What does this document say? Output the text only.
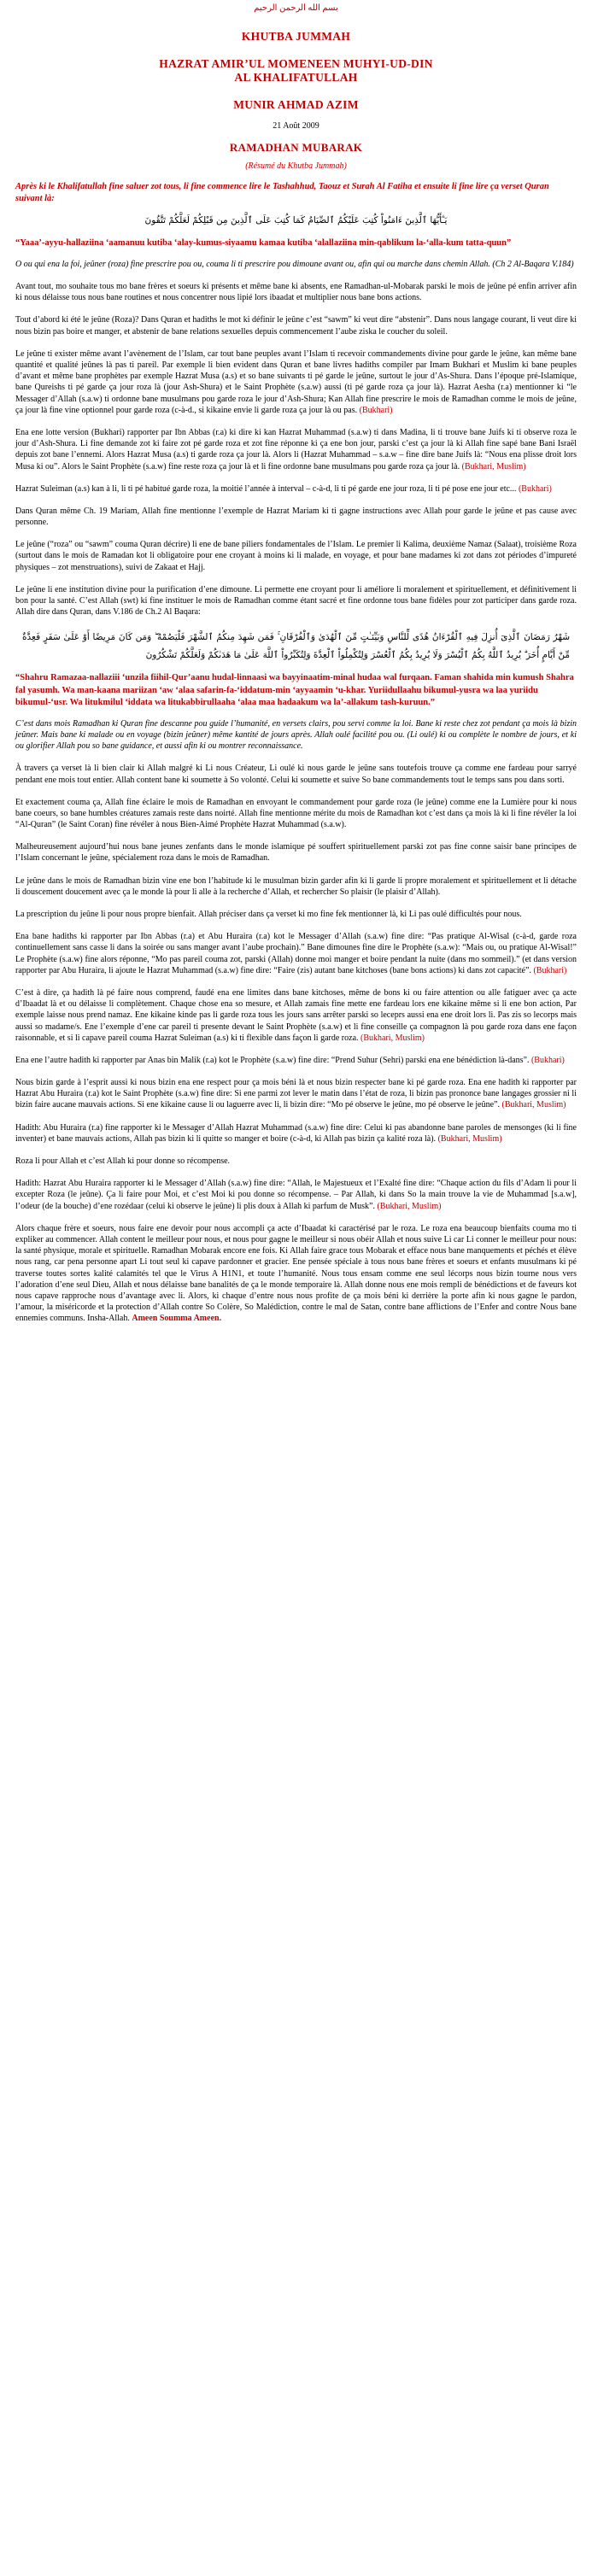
بسم الله الرحمن الرحيم

KHUTBA JUMMAH

HAZRAT AMIR’UL MOMENEEN MUHYI-UD-DIN

AL KHALIFATULLAH

MUNIR AHMAD AZIM

21 Août 2009

RAMADHAN MUBARAK

(Résumé du Khutba Jummah)

Après ki le Khalifatullah fine saluer zot tous, li fine commence lire le Tashahhud, Taouz et Surah Al Fatiha et ensuite li fine lire ça verset Quran suivant là:

يَـٰٓأَيُّهَا ٱلَّذِينَ ءَامَنُواْ كُتِبَ عَلَيْكُمُ ٱلصِّيَامُ كَمَا كُتِبَ عَلَى ٱلَّذِينَ مِن قَبْلِكُمْ لَعَلَّكُمْ تَتَّقُونَ

“Yaaa’-ayyu-hallaziina ‘aamanuu kutiba ‘alay-kumus-siyaamu kamaa kutiba ‘alallaziina min-qablikum la-‘alla-kum tatta-quun”

O ou qui ena la foi, jeûner (roza) fine prescrire pou ou, couma li ti prescrire pou dimoune avant ou, afin qui ou marche dans chemin Allah. (Ch 2 Al-Baqara V.184)

Avant tout, mo souhaite tous mo bane frères et soeurs ki présents et même bane ki absents, ene Ramadhan-ul-Mobarak parski le mois de jeûne pé enfin arriver afin ki nous délaisse tous nous bane routines et nous concentrer nous lipié lors ibaadat et multiplier nous bane bons actions.

Tout d’abord ki été le jeûne (Roza)? Dans Quran et hadiths le mot ki définir le jeûne c’est “sawm” ki veut dire “abstenir”. Dans nous langage courant, li veut dire ki nous bizin pas boire et manger, et abstenir de bane relations sexuelles depuis commencement l’aube ziska le coucher du soleil.

Le jeûne ti exister même avant l’avènement de l’Islam, car tout bane peuples avant l’Islam ti recevoir commandements divine pour garde le jeûne, kan même bane quantité et qualité jeûnes là pas ti pareil. Par exemple li bien evident dans Quran et bane livres hadiths compiler par Imam Bukhari et Muslim ki bane peuples d’avant et même bane prophètes par exemple Hazrat Musa (a.s) et so bane suivants ti pé garde le jeûne, surtout le jour d’As-Shura. Dans l’époque pré-Islamique, bane Qureishs ti pé garde ça jour roza là (jour Ash-Shura) et le Saint Prophète (s.a.w) aussi (ti pé garde roza ça jour là). Hazrat Aesha (r.a) mentionner ki “le Messager d’Allah (s.a.w) ti ordonne bane musulmans pou garde roza le jour d’Ash-Shura; Kan Allah fine prescrire le mois de Ramadhan comme le mois de jeûne, ça jour là fine vine optionnel pour garde roza (c-à-d., si kikaine envie li garde roza ça jour là ou pas. (Bukhari)

Ena ene lotte version (Bukhari) rapporter par Ibn Abbas (r.a) ki dire ki kan Hazrat Muhammad (s.a.w) ti dans Madina, li ti trouve bane Juifs ki ti observe roza le jour d’Ash-Shura. Li fine demande zot ki faire zot pé garde roza et zot fine réponne ki ça ene bon jour, parski c’est ça jour là ki Allah fine sapé bane Bani Israël depuis zot bane l’ennemi. Alors Hazrat Musa (a.s) ti garde roza ça jour là. Alors li (Hazrat Muhammad – s.a.w – fine dire bane Juifs là: “Nous ena plisse droit lors Musa ki ou”. Alors le Saint Prophète (s.a.w) fine reste roza ça jour là et li fine ordonne bane musulmans pou garde roza ça jour là. (Bukhari, Muslim)

Hazrat Suleiman (a.s) kan à li, li ti pé habitué garde roza, la moitié l’année à interval – c-à-d, li ti pé garde ene jour roza, li ti pé pose ene jour etc... (Bukhari)

Dans Quran même Ch. 19 Mariam, Allah fine mentionne l’exemple de Hazrat Mariam ki ti gagne instructions avec Allah pour garde le jeûne et pas cause avec personne.

Le jeûne (“roza” ou “sawm” couma Quran décrire) li ene de bane piliers fondamentales de l’Islam. Le premier li Kalima, deuxième Namaz (Salaat), troisième Roza (surtout dans le mois de Ramadan kot li obligatoire pour ene croyant à moins ki li malade, en voyage, et pour bane madames ki zot dans zot périodes d’impureté physiques – zot menstruations), suivi de Zakaat et Hajj.

Le jeûne li ene institution divine pour la purification d’ene dimoune. Li permette ene croyant pour li améliore li moralement et spirituellement, et définitivement li bon pour la santé. C’est Allah (swt) ki fine instituer le mois de Ramadhan comme étant sacré et fine ordonne tous bane fidèles pour zot participer dans garde roza. Allah dire dans Quran, dans V.186 de Ch.2 Al Baqara:

شَهْرُ رَمَضَانَ ٱلَّذِىٓ أُنزِلَ فِيهِ ٱلْقُرْءَانُ هُدًى لِّلنَّاسِ وَبَيِّنَـٰتٍ مِّنَ ٱلْهُدَىٰ وَٱلْفُرْقَانِ ۚ فَمَن شَهِدَ مِنكُمُ ٱلشَّهْرَ فَلْيَصُمْهُ ۖ وَمَن كَانَ مَرِيضًا أَوْ عَلَىٰ سَفَرٍ فَعِدَّةٌ مِّنْ أَيَّامٍ أُخَرَ ۗ يُرِيدُ ٱللَّهُ بِكُمُ ٱلْيُسْرَ وَلَا يُرِيدُ بِكُمُ ٱلْعُسْرَ وَلِتُكْمِلُواْ ٱلْعِدَّةَ وَلِتُكَبِّرُواْ ٱللَّهَ عَلَىٰ مَا هَدَىٰكُمْ وَلَعَلَّكُمْ تَشْكُرُونَ

“Shahru Ramazaa-nallaziii ‘unzila fiihil-Qur’aanu hudal-linnaasi wa bayyinaatim-minal hudaa wal furqaan. Faman shahida min kumush Shahra fal yasumh. Wa man-kaana mariizan ‘aw ‘alaa safarin-fa-‘iddatum-min ‘ayyaamin ‘u-khar. Yuriidullaahu bikumul-yusra wa laa yuriidu bikumul-‘usr. Wa litukmilul ‘iddata wa litukabbirullaaha ‘alaa maa hadaakum wa la’-allakum tash-kuruun.”

C’est dans mois Ramadhan ki Quran fine descanne pou guide l’humanité, en versets clairs, pou servi comme la loi. Bane ki reste chez zot pendant ça mois là bizin jeûner. Mais bane ki malade ou en voyage (bizin jeûner) même kantité de jours après. Allah oulé facilité pou ou. (Li oulé) ki ou complète le nombre de jours, et ki ou glorifier Allah pou so bane guidance, et aussi afin ki ou montrer reconnaissance.

À travers ça verset là li bien clair ki Allah malgré ki Li nous Créateur, Li oulé ki nous garde le jeûne sans toutefois trouve ça comme ene fardeau pour sarryé pendant ene mois tout entier. Allah content bane ki soumette à So volonté. Celui ki soumette et suive So bane commandements tout le temps sans pou dans sorti.

Et exactement couma ça, Allah fine éclaire le mois de Ramadhan en envoyant le commandement pour garde roza (le jeûne) comme ene la Lumière pour ki nous bane coeurs, so bane humbles créatures zamais reste dans noirté. Allah fine mentionne mérite du mois de Ramadhan kot c’est dans ça mois là ki li fine révéler la loi “Al-Quran” (le Saint Coran) fine révéler à nous Bien-Aimé Prophète Hazrat Muhammad (s.a.w).

Malheureusement aujourd’hui nous bane jeunes zenfants dans le monde islamique pé souffert spirituellement parski zot pas fine conne saisir bane principes de l’Islam concernant le jeûne, spécialement roza dans le mois de Ramadhan.

Le jeûne dans le mois de Ramadhan bizin vine ene bon l’habitude ki le musulman bizin garder afin ki li garde li propre moralement et spirituellement et li détache li douscement doucement avec ça le monde là pour li alle à la recherche d’Allah, et rechercher So plaisir (le plaisir d’Allah).

La prescription du jeûne li pour nous propre bienfait. Allah préciser dans ça verset ki mo fine fek mentionner là, ki Li pas oulé difficultés pour nous.

Ena bane hadiths ki rapporter par Ibn Abbas (r.a) et Abu Huraira (r.a) kot le Messager d’Allah (s.a.w) fine dire: “Pas pratique Al-Wisal (c-à-d, garde roza continuellement sans casse li dans la soirée ou sans manger avant l’aube prochain).” Bane dimounes fine dire le Prophète (s.a.w): “Mais ou, ou pratique Al-Wisal!” Le Prophète (s.a.w) fine alors réponne, “Mo pas pareil couma zot, parski (Allah) donne moi manger et boire pendant la nuite (dans mo sommeil).” (et dans version rapporter par Abu Huraira, li ajoute le Hazrat Muhammad (s.a.w) fine dire: “Faire (zis) autant bane kitchoses (bane bons actions) ki dans zot capacité”. (Bukhari)

C’est à dire, ça hadith là pé faire nous comprend, faudé ena ene limites dans bane kitchoses, même de bons ki ou faire attention ou alle fatiguer avec ça acte d’Ibaadat là et ou délaisse li complètement. Chaque chose ena so mesure, et Allah zamais fine mette ene fardeau lors ene kikaine même si li ene bon action, Par exemple laisse nous prend namaz. Ene kikaine kinde pas li garde roza tous les jours sans arrêter parski so leceprs aussi ena ene droit lors li. Pas zis so lecorps mais aussi so madame/s. Ene l’exemple d’ene car pareil ti presente devant le Saint Prophète (s.a.w) et li fine conseille ça compagnon là pou garde roza dans ene façon raisonnable, et si li capave pareil couma Hazrat Suleiman (a.s) ki ti flexible dans façon li garde roza. (Bukhari, Muslim)

Ena ene l’autre hadith ki rapporter par Anas bin Malik (r.a) kot le Prophète (s.a.w) fine dire: “Prend Suhur (Sehri) parski ena ene bénédiction là-dans”. (Bukhari)

Nous bizin garde à l’esprit aussi ki nous bizin ena ene respect pour ça mois béni là et nous bizin respecter bane ki pé garde roza. Ena ene hadith ki rapporter par Hazrat Abu Huraira (r.a) kot le Saint Prophète (s.a.w) fine dire: Si ene parmi zot lever le matin dans l’état de roza, li bizin pas prononce bane langages grossier ni li bizin faire aucane mauvais actions. Si ene kikaine cause li ou laguerre avec li, li bizin dire: “Mo pé observe le jeûne, mo pé observe le jeûne”. (Bukhari, Muslim)

Hadith: Abu Huraira (r.a) fine rapporter ki le Messager d’Allah Hazrat Muhammad (s.a.w) fine dire: Celui ki pas abandonne bane paroles de mensonges (ki li fine inventer) et bane mauvais actions, Allah pas bizin ki li quitte so manger et boire (c-à-d, ki Allah pas bizin ça kalité roza là). (Bukhari, Muslim)

Roza li pour Allah et c’est Allah ki pour donne so récompense.

Hadith: Hazrat Abu Huraira rapporter ki le Messager d’Allah (s.a.w) fine dire: “Allah, le Majestueux et l’Exalté fine dire: “Chaque action du fils d’Adam li pour li excepter Roza (le jeûne). Ça li faire pour Moi, et c’est Moi ki pou donne so récompense. – Par Allah, ki dans So la main trouve la vie de Muhammad [s.a.w], l’odeur (de la bouche) d’ene rozédaar (celui ki observe le jeûne) li plis doux à Allah ki parfum de Musk”. (Bukhari, Muslim)

Alors chaque frère et soeurs, nous faire ene devoir pour nous accompli ça acte d’Ibaadat ki caractérisé par le roza. Le roza ena beaucoup bienfaits couma mo ti expliker au commencer. Allah content le meilleur pour nous, et nous pour gagne le meilleur si nous obéir Allah et nous suive Li car Li conner le meilleur pour nous: la santé physique, morale et spirituelle. Ramadhan Mobarak encore ene fois. Ki Allah faire grace tous Mobarak et efface nous bane manquements et péchés et élève nous rang, car pena personne apart Li tout seul ki capave pardonner et gracier. Ene pensée spéciale à tous nous bane frères et soeurs et enfants musulmans ki pé traverse toutes sortes kalité calamités tel que le Virus A H1N1, et toute l’humanité. Nous tous ensam comme ene seul lécorps nous bizin tourne nous vers l’adoration d’ene seul Dieu, Allah et nous délaisse bane banalités de ça le monde temporaire là. Allah donne nous ene mois rempli de bénédictions et de faveurs kot nous capave rapproche nous d’avantage avec li. Alors, ki chaque d’entre nous nous profite de ça mois béni ki derrière la porte afin ki nous gagne le pardon, l’amour, la miséricorde et la protection d’Allah contre So Colère, So Malédiction, contre le mal de Satan, contre bane afflictions de l’Enfer and contre Nous bane ennemies communs. Insha-Allah. Ameen Soumma Ameen.
